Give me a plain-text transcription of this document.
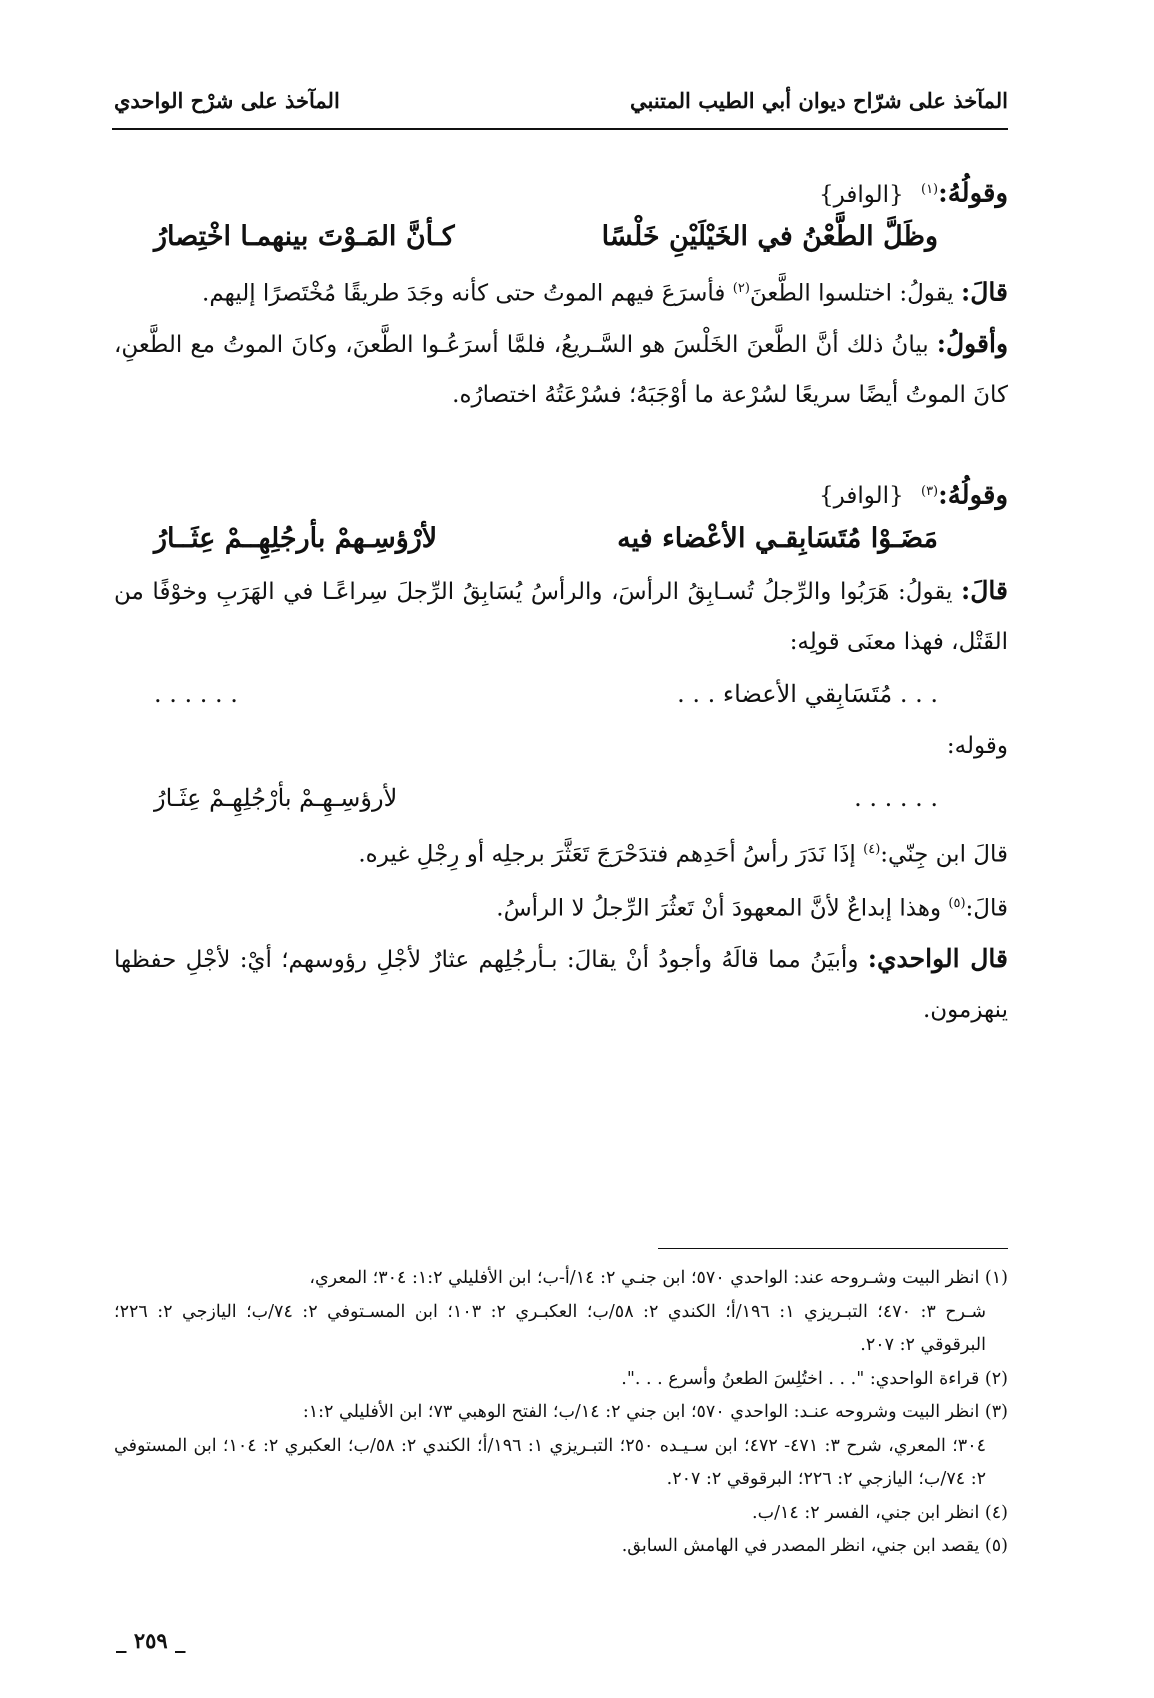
المآخذ على شرْح الواحدي	المآخذ على شرّاح ديوان أبي الطيب المتنبي
وقولُهُ:$^{(١)}$ {الوافر}
وظَلَّ الطَّعْنُ في الخَيْلَيْنِ خَلْسًا
كـأنَّ المَـوْتَ بينهمـا اخْتِصارُ
قالَ: يقولُ: اختلسوا الطَّعنَ$^{(٢)}$ فأسرَعَ فيهم الموتُ حتى كأنه وجَدَ طريقًا مُخْتَصرًا إليهم.
وأقولُ: بيانُ ذلك أنَّ الطَّعنَ الخَلْسَ هو السَّـريعُ، فلمَّا أسرَعُـوا الطَّعنَ، وكانَ الموتُ مع الطَّعنِ، كانَ الموتُ أيضًا سريعًا لسُرْعة ما أوْجَبَهُ؛ فسُرْعَتُهُ اختصارُه.
وقولُهُ:$^{(٣)}$ {الوافر}
مَضَـوْا مُتَسَابِقـي الأعْضاء فيه
لأرْؤسِـهمْ بأرجُلِهِــمْ عِثَــارُ
قالَ: يقولُ: هَرَبُوا والرِّجلُ تُسـابِقُ الرأسَ، والرأسُ يُسَابِقُ الرِّجلَ سِراعًـا في الهَرَبِ وخوْفًا من القَتْل، فهذا معنَى قولِه:
. . . مُتَسَابِقي الأعضاء . . .
. . . . . .
وقوله:
. . . . . .
لأرؤسِـهِـمْ بأرْجُلِهِـمْ عِثَـارُ
قالَ ابن جِنّي:$^{(٤)}$ إذَا نَدَرَ رأسُ أحَدِهم فتدَحْرَجَ تَعَثَّرَ برجلِه أو رِجْلِ غيره.
قالَ:$^{(٥)}$ وهذا إبداعٌ لأنَّ المعهودَ أنْ تَعثُرَ الرِّجلُ لا الرأسُ.
قال الواحدي: وأبيَنُ مما قالَهُ وأجودُ أنْ يقالَ: بـأرجُلِهم عثارٌ لأجْلِ رؤوسهم؛ أيْ: لأجْلِ حفظها ينهزمون.
(١) انظر البيت وشـروحه عند: الواحدي ٥٧٠؛ ابن جنـي ٢: ١٤/أ-ب؛ ابن الأفليلي ١:٢: ٣٠٤؛ المعري،
شـرح ٣: ٤٧٠؛ التبـريزي ١: ١٩٦/أ؛ الكندي ٢: ٥٨/ب؛ العكبـري ٢: ١٠٣؛ ابن المسـتوفي ٢: ٧٤/ب؛ اليازجي ٢: ٢٢٦؛ البرقوقي ٢: ٢٠٧.
(٢) قراءة الواحدي: ". . . اختُلِسَ الطعنُ وأسرع . . .".
(٣) انظر البيت وشروحه عنـد: الواحدي ٥٧٠؛ ابن جني ٢: ١٤/ب؛ الفتح الوهبي ٧٣؛ ابن الأفليلي ١:٢:
٣٠٤؛ المعري، شرح ٣: ٤٧١- ٤٧٢؛ ابن سـيـده ٢٥٠؛ التبـريزي ١: ١٩٦/أ؛ الكندي ٢: ٥٨/ب؛ العكبري ٢: ١٠٤؛ ابن المستوفي ٢: ٧٤/ب؛ اليازجي ٢: ٢٢٦؛ البرقوقي ٢: ٢٠٧.
(٤) انظر ابن جني، الفسر ٢: ١٤/ب.
(٥) يقصد ابن جني، انظر المصدر في الهامش السابق.
_ ٢٥٩ _
